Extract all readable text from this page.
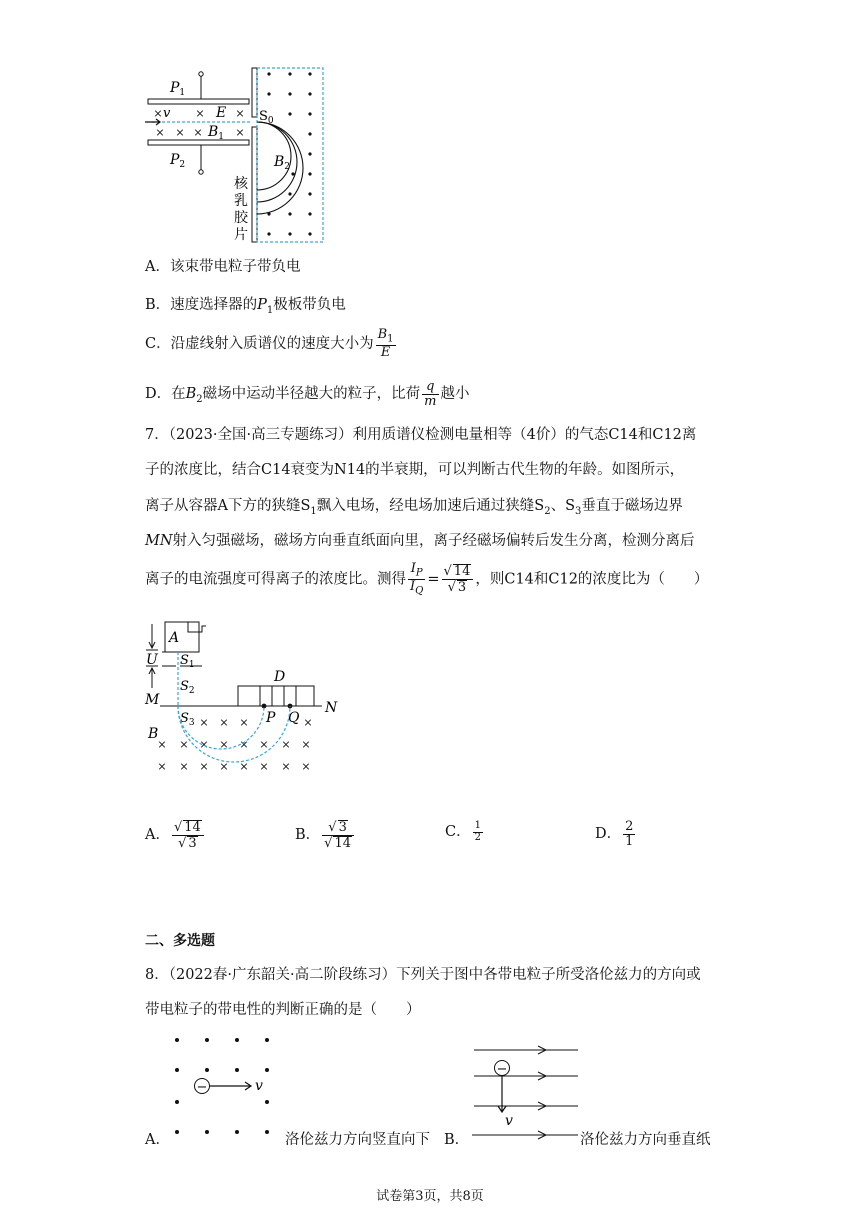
×	×	×
× × ×	×
$P_1$
$P_2$
v	E
$B_1$
$S_0$
$B_2$
核
乳
胶
片
A．该束带电粒子带负电
B．速度选择器的$P_1$极板带负电
C．沿虚线射入质谱仪的速度大小为 $\frac{B_1}{E}$
D．在$B_2$磁场中运动半径越大的粒子，比荷 $\frac{q}{m}$ 越小
7．（2023·全国·高三专题练习）利用质谱仪检测电量相等（4价）的气态C14和C12离
子的浓度比，结合C14衰变为N14的半衰期，可以判断古代生物的年龄。如图所示，
离子从容器A下方的狭缝$S_1$飘入电场，经电场加速后通过狭缝$S_2$、$S_3$垂直于磁场边界
MN射入匀强磁场，磁场方向垂直纸面向里，离子经磁场偏转后发生分离，检测分离后
离子的电流强度可得离子的浓度比。测得 $\frac{I_P}{I_Q} = \frac{√ 14}{√ 3}$ ，则C14和C12的浓度比为（　　）
A
U $S_1$
$S_2$
M	N
D
$S_3$	P Q
B
× × ×	×
× × × × × × × ×
× × × × × × × ×
A． $\frac{√ 14}{√ 3}$	B． $\frac{√ 3}{√ 14}$	C． $\frac{1}{2}$	D． $\frac{2}{1}$
二、多选题
8．（2022春·广东韶关·高二阶段练习）下列关于图中各带电粒子所受洛伦兹力的方向或
带电粒子的带电性的判断正确的是（　　）
−	v
A．	洛伦兹力方向竖直向下
−
v
B．	洛伦兹力方向垂直纸
试卷第3页，共8页
